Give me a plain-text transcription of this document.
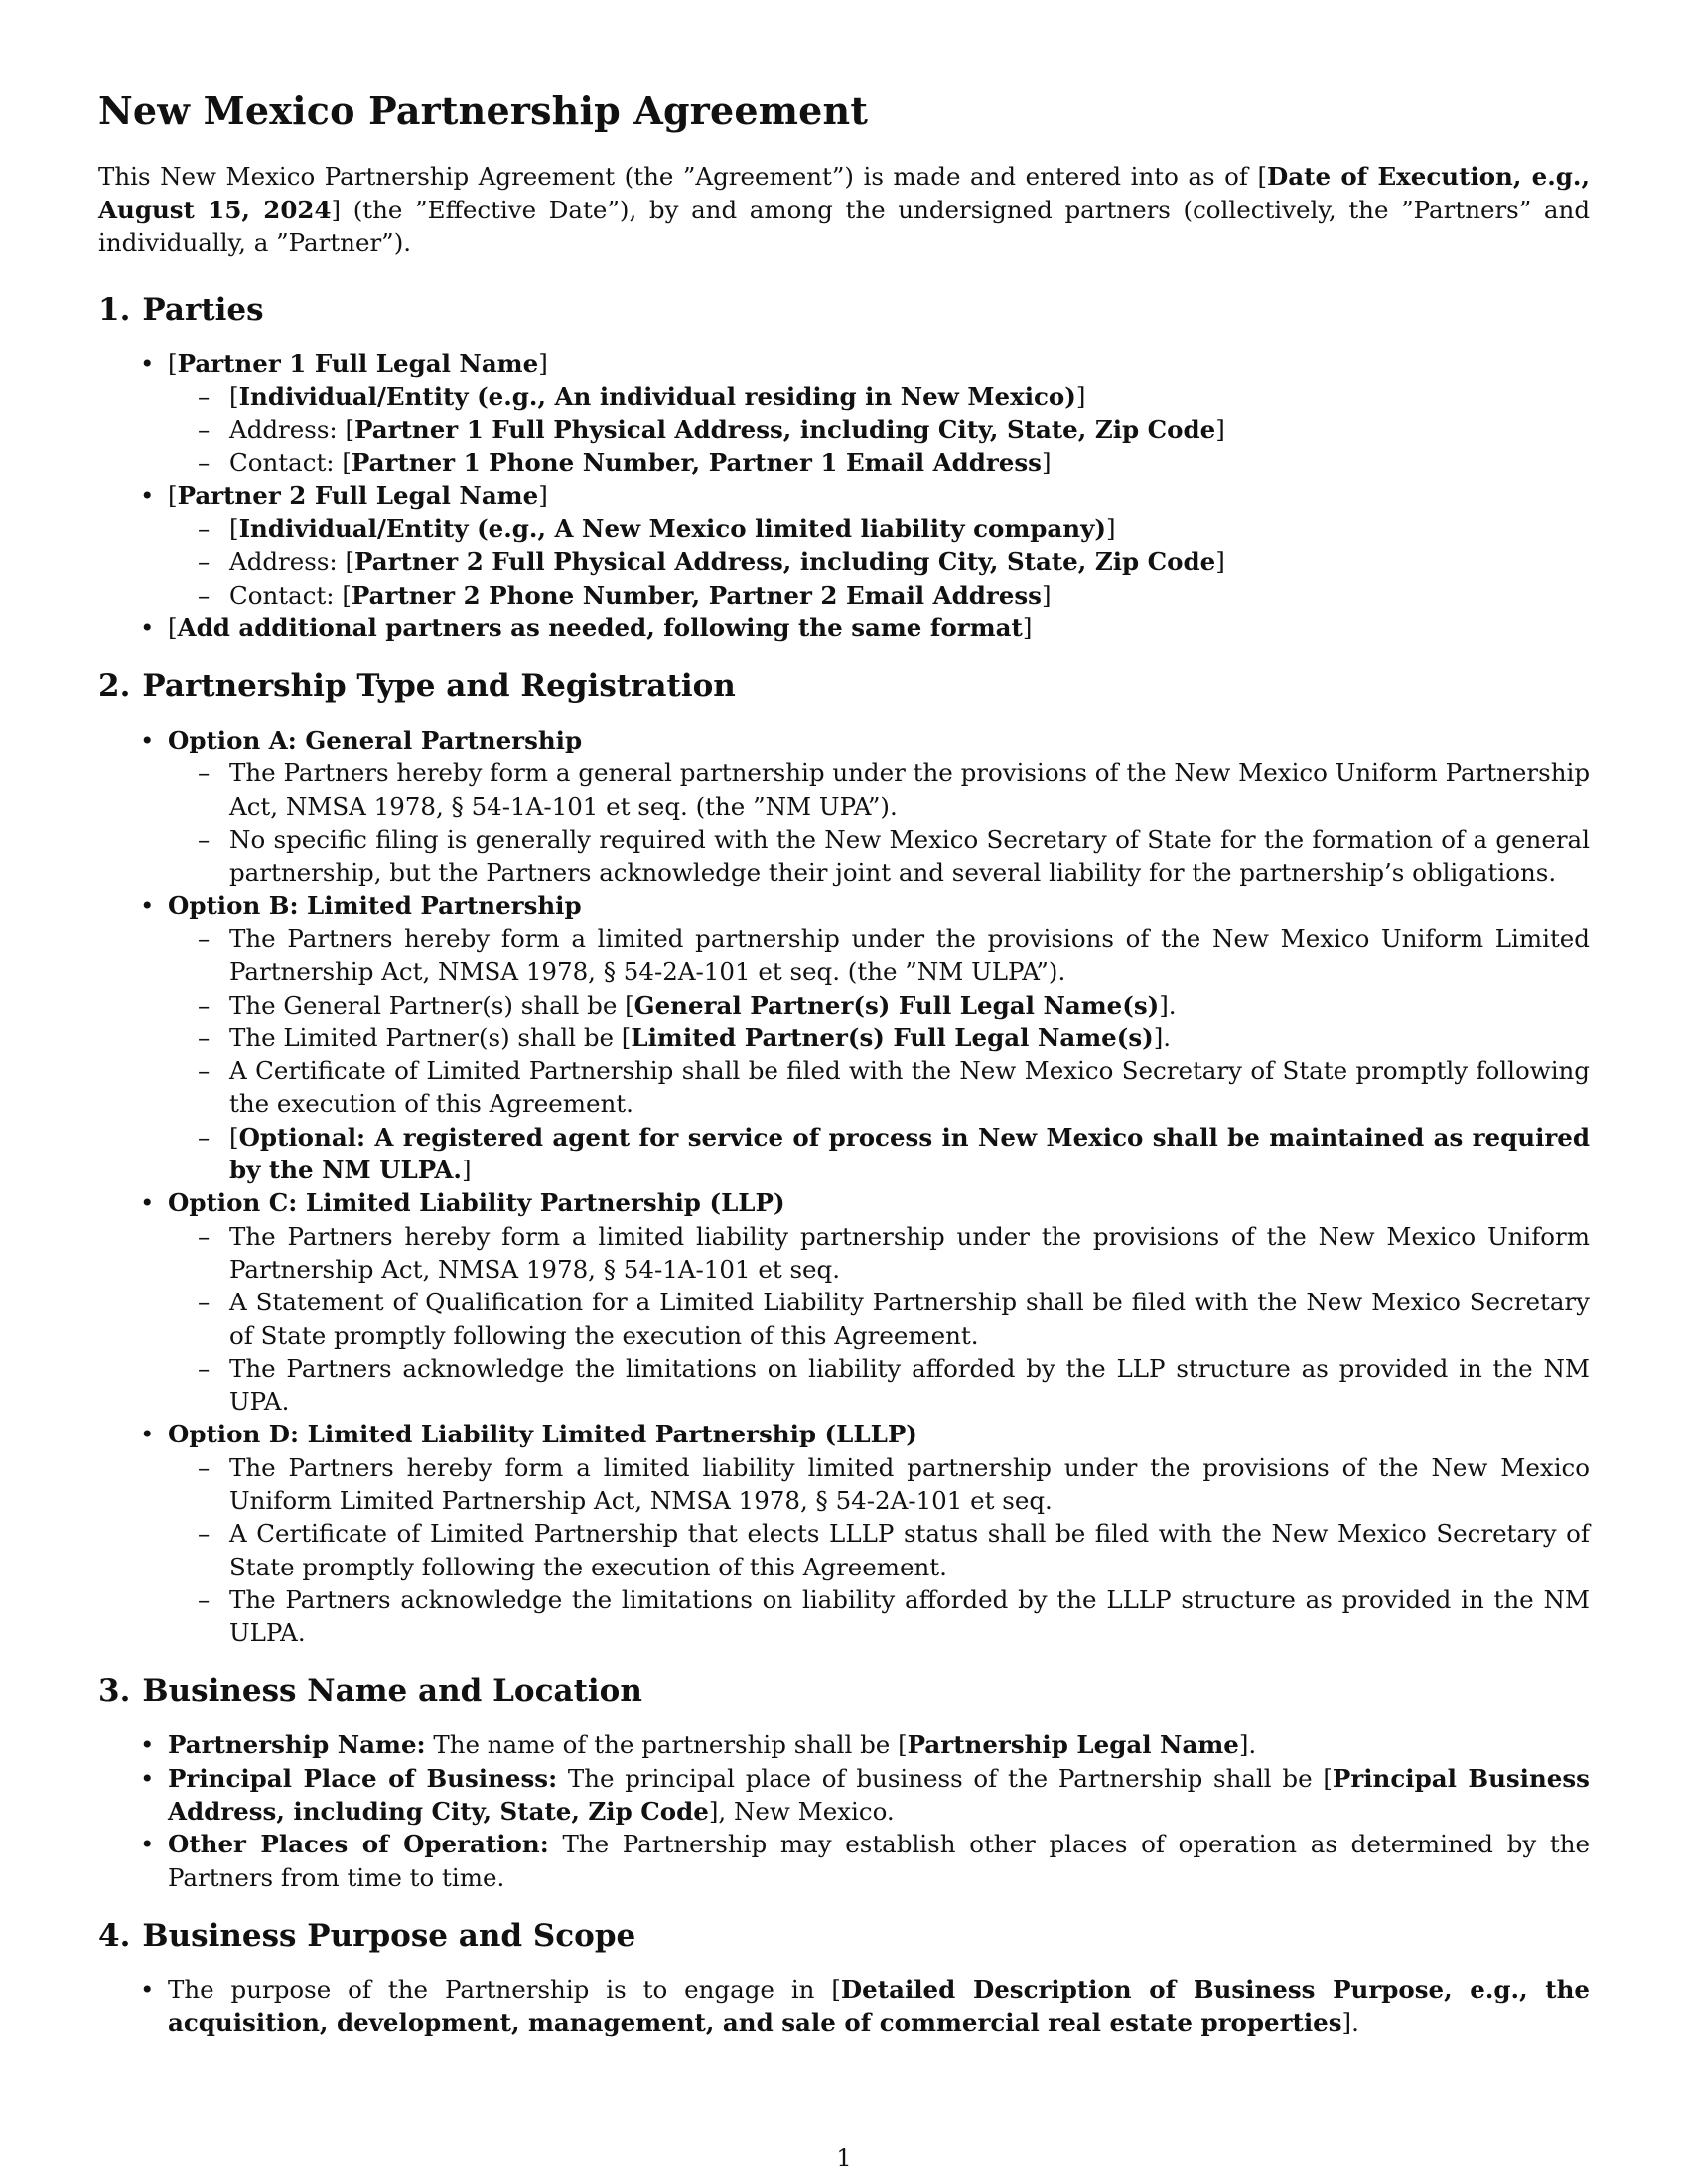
New Mexico Partnership Agreement

This New Mexico Partnership Agreement (the ”Agreement”) is made and entered into as of [Date of Execution, e.g., August 15, 2024] (the ”Effective Date”), by and among the undersigned partners (collectively, the ”Partners” and individually, a ”Partner”).

1. Parties
• [Partner 1 Full Legal Name]
– [Individual/Entity (e.g., An individual residing in New Mexico)]
– Address: [Partner 1 Full Physical Address, including City, State, Zip Code]
– Contact: [Partner 1 Phone Number, Partner 1 Email Address]
• [Partner 2 Full Legal Name]
– [Individual/Entity (e.g., A New Mexico limited liability company)]
– Address: [Partner 2 Full Physical Address, including City, State, Zip Code]
– Contact: [Partner 2 Phone Number, Partner 2 Email Address]
• [Add additional partners as needed, following the same format]
2. Partnership Type and Registration
• Option A: General Partnership
– The Partners hereby form a general partnership under the provisions of the New Mexico Uniform Partnership Act, NMSA 1978, § 54-1A-101 et seq. (the ”NM UPA”).
– No specific filing is generally required with the New Mexico Secretary of State for the formation of a general partnership, but the Partners acknowledge their joint and several liability for the partnership’s obligations.
• Option B: Limited Partnership
– The Partners hereby form a limited partnership under the provisions of the New Mexico Uniform Limited Partnership Act, NMSA 1978, § 54-2A-101 et seq. (the ”NM ULPA”).
– The General Partner(s) shall be [General Partner(s) Full Legal Name(s)].
– The Limited Partner(s) shall be [Limited Partner(s) Full Legal Name(s)].
– A Certificate of Limited Partnership shall be filed with the New Mexico Secretary of State promptly following the execution of this Agreement.
– [Optional: A registered agent for service of process in New Mexico shall be maintained as required by the NM ULPA.]
• Option C: Limited Liability Partnership (LLP)
– The Partners hereby form a limited liability partnership under the provisions of the New Mexico Uniform Partnership Act, NMSA 1978, § 54-1A-101 et seq.
– A Statement of Qualification for a Limited Liability Partnership shall be filed with the New Mexico Secretary of State promptly following the execution of this Agreement.
– The Partners acknowledge the limitations on liability afforded by the LLP structure as provided in the NM UPA.
• Option D: Limited Liability Limited Partnership (LLLP)
– The Partners hereby form a limited liability limited partnership under the provisions of the New Mexico Uniform Limited Partnership Act, NMSA 1978, § 54-2A-101 et seq.
– A Certificate of Limited Partnership that elects LLLP status shall be filed with the New Mexico Secretary of State promptly following the execution of this Agreement.
– The Partners acknowledge the limitations on liability afforded by the LLLP structure as provided in the NM ULPA.
3. Business Name and Location
• Partnership Name: The name of the partnership shall be [Partnership Legal Name].
• Principal Place of Business: The principal place of business of the Partnership shall be [Principal Business Address, including City, State, Zip Code], New Mexico.
• Other Places of Operation: The Partnership may establish other places of operation as determined by the Partners from time to time.
4. Business Purpose and Scope
• The purpose of the Partnership is to engage in [Detailed Description of Business Purpose, e.g., the acquisition, development, management, and sale of commercial real estate properties].
1
